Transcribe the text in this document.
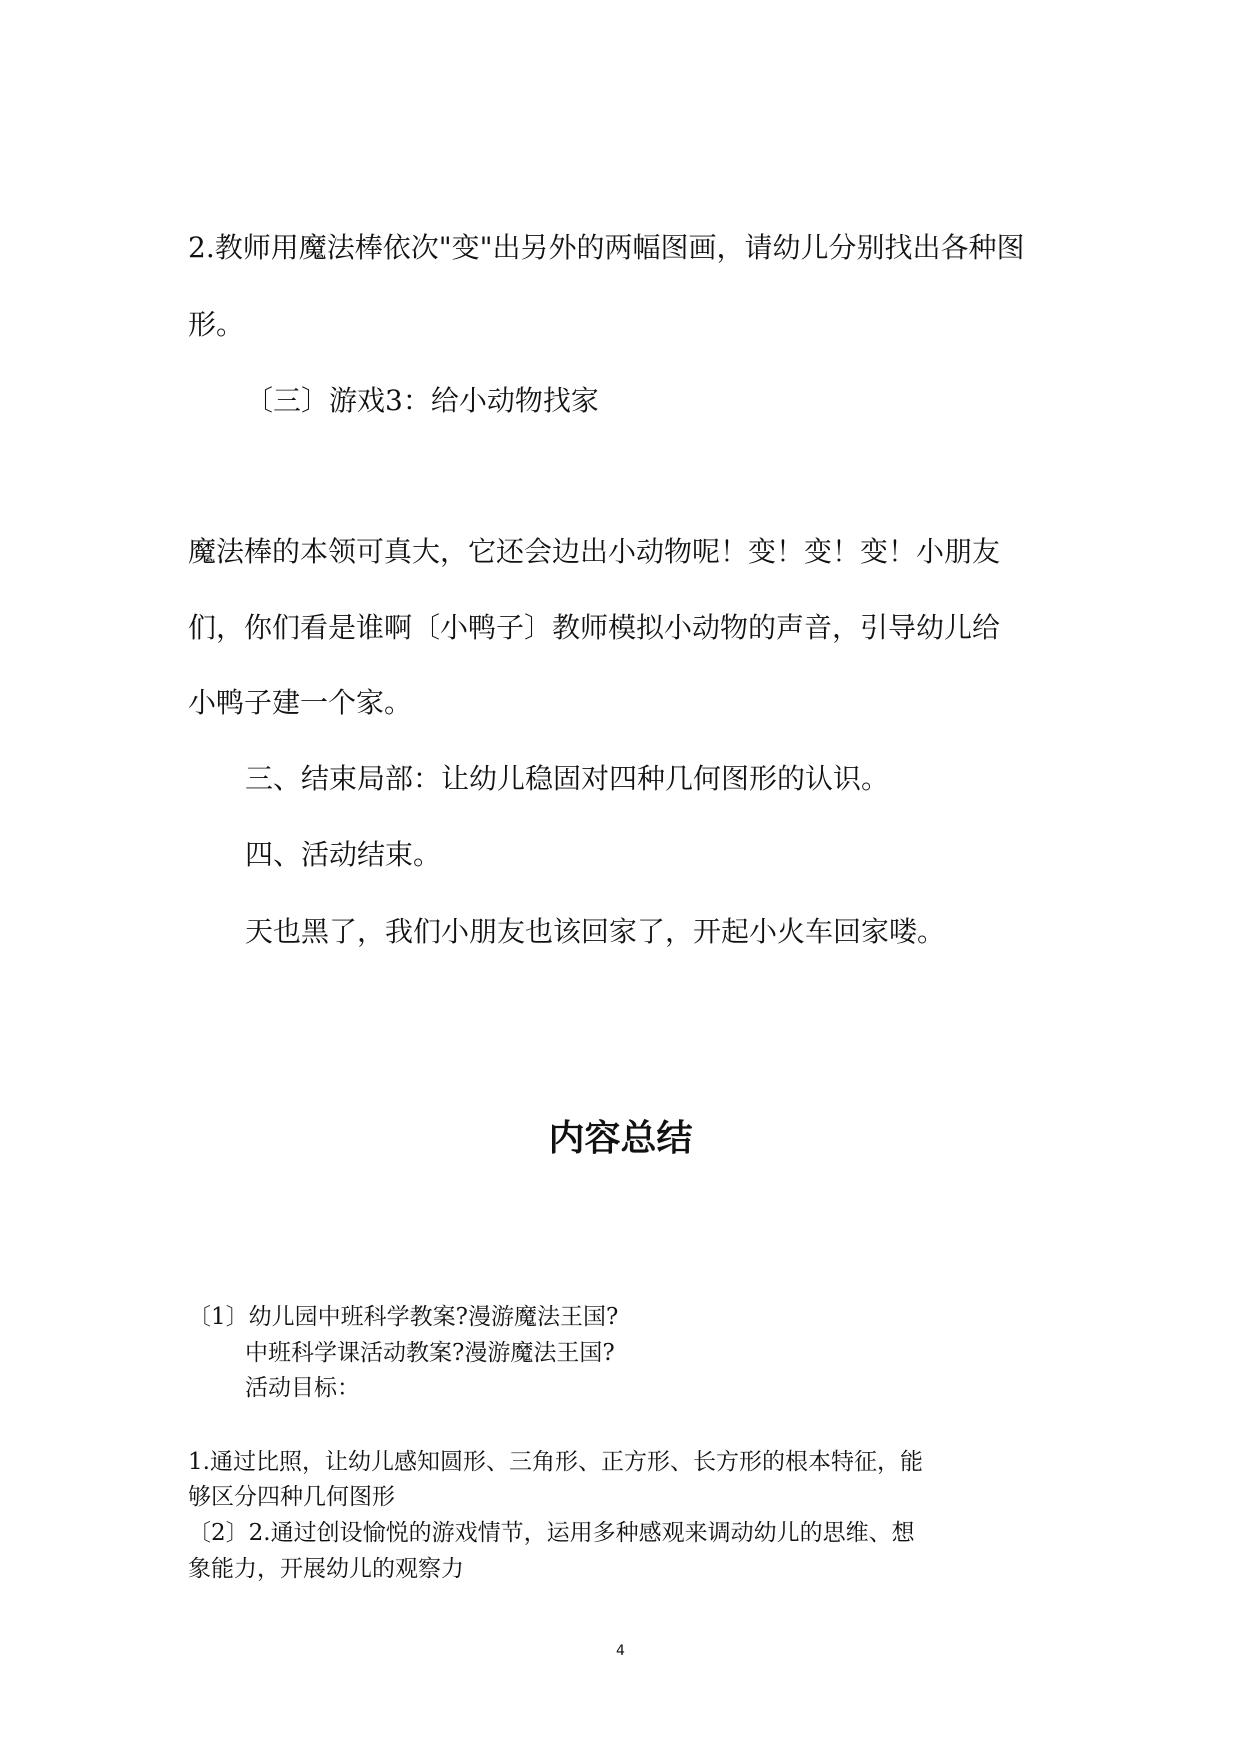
2.教师用魔法棒依次"变"出另外的两幅图画，请幼儿分别找出各种图
形。
〔三〕游戏3：给小动物找家
魔法棒的本领可真大，它还会边出小动物呢！变！变！变！小朋友
们，你们看是谁啊〔小鸭子〕教师模拟小动物的声音，引导幼儿给
小鸭子建一个家。
三、结束局部：让幼儿稳固对四种几何图形的认识。
四、活动结束。
天也黑了，我们小朋友也该回家了，开起小火车回家喽。
内容总结
〔1〕幼儿园中班科学教案?漫游魔法王国?
中班科学课活动教案?漫游魔法王国?
活动目标：
1.通过比照，让幼儿感知圆形、三角形、正方形、长方形的根本特征，能
够区分四种几何图形
〔2〕2.通过创设愉悦的游戏情节，运用多种感观来调动幼儿的思维、想
象能力，开展幼儿的观察力
4
